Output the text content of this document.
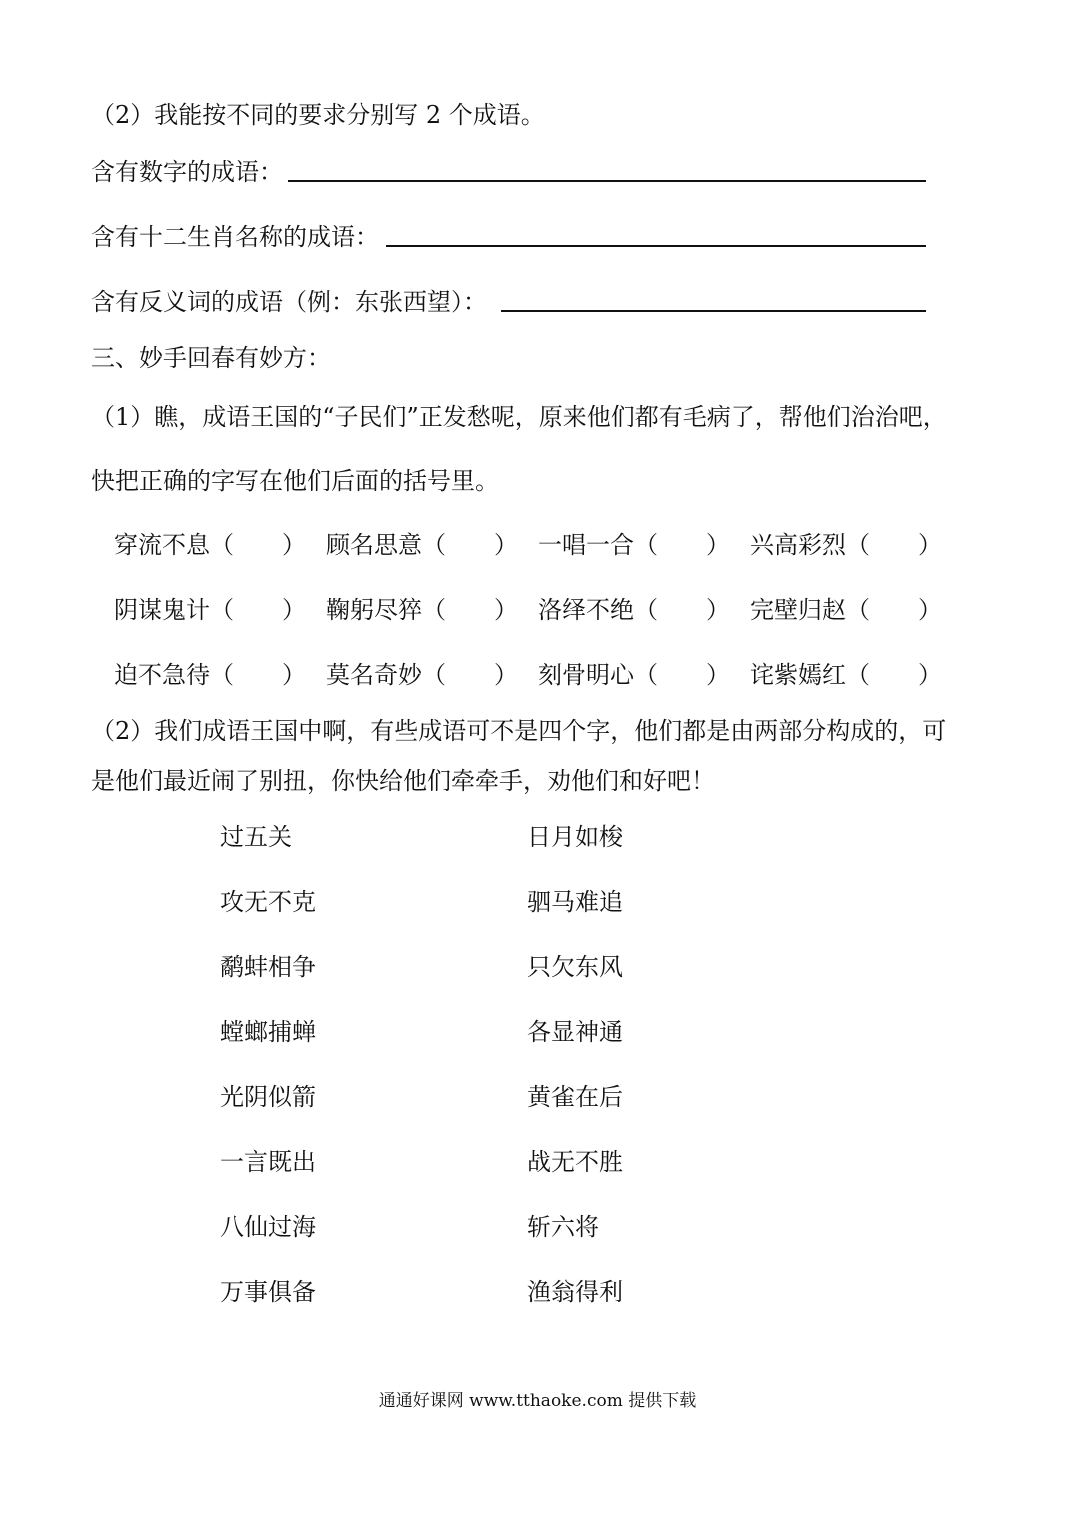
（2）我能按不同的要求分别写 2 个成语。
含有数字的成语：
含有十二生肖名称的成语：
含有反义词的成语（例：东张西望）：
三、妙手回春有妙方：
（1）瞧，成语王国的“子民们”正发愁呢，原来他们都有毛病了，帮他们治治吧，
快把正确的字写在他们后面的括号里。
穿流不息（　　） 顾名思意（　　） 一唱一合（　　） 兴高彩烈（　　）
阴谋鬼计（　　） 鞠躬尽猝（　　） 洛绎不绝（　　） 完壁归赵（　　）
迫不急待（　　） 莫名奇妙（　　） 刻骨明心（　　） 诧紫嫣红（　　）
（2）我们成语王国中啊，有些成语可不是四个字，他们都是由两部分构成的，可
是他们最近闹了别扭，你快给他们牵牵手，劝他们和好吧！
过五关
攻无不克
鹬蚌相争
螳螂捕蝉
光阴似箭
一言既出
八仙过海
万事俱备
日月如梭
驷马难追
只欠东风
各显神通
黄雀在后
战无不胜
斩六将
渔翁得利
通通好课网 www.tthaoke.com 提供下载
